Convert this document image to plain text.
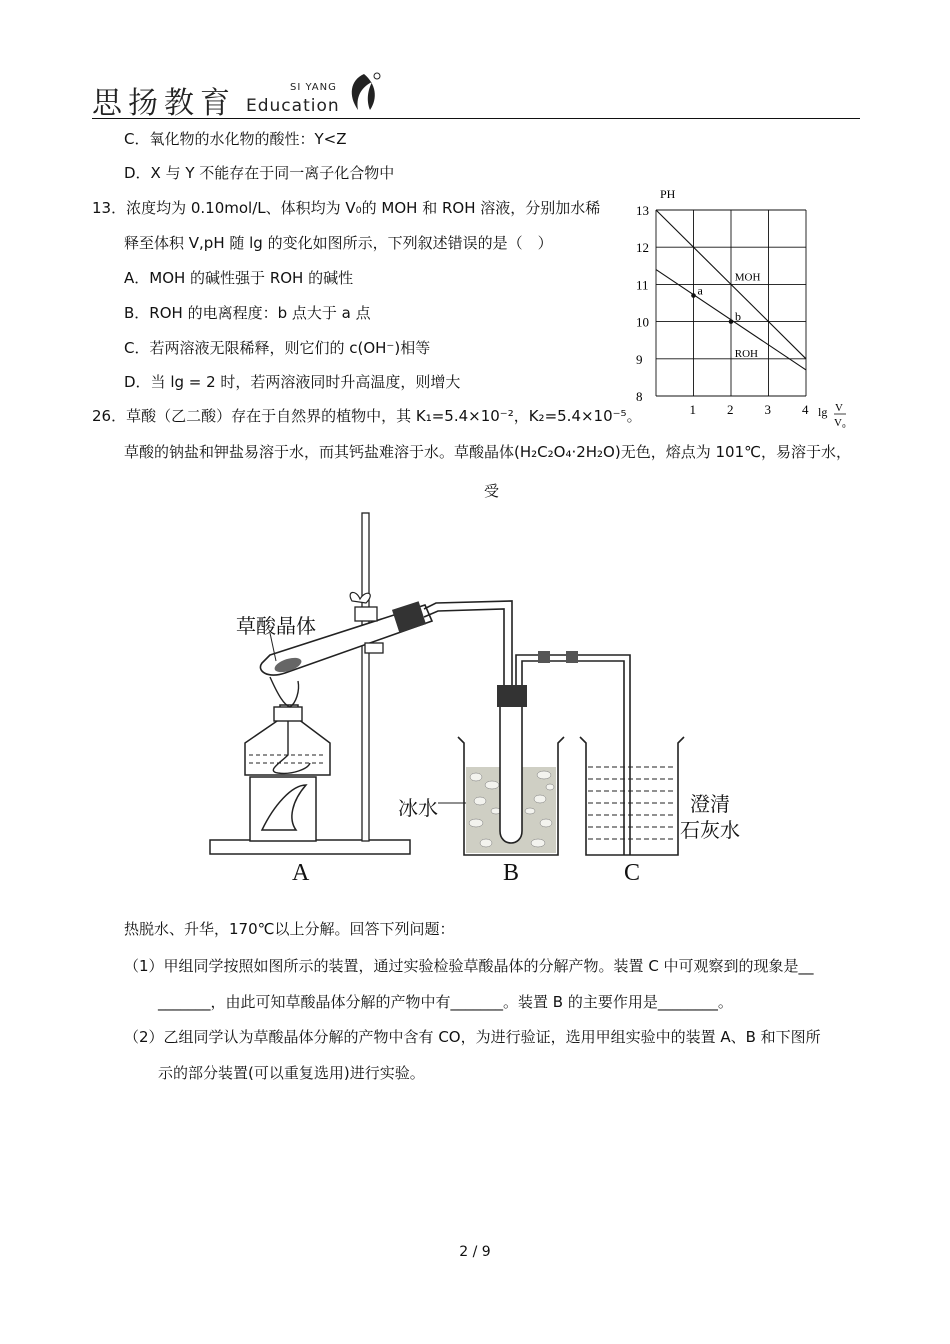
思扬教育	SI YANG
Education
C．氧化物的水化物的酸性：Y<Z
D．X 与 Y 不能存在于同一离子化合物中
13．浓度均为 0.10mol/L、体积均为 V₀的 MOH 和 ROH 溶液，分别加水稀
释至体积 V,pH 随 lg 的变化如图所示，下列叙述错误的是（　）
A．MOH 的碱性强于 ROH 的碱性
B．ROH 的电离程度：b 点大于 a 点
C．若两溶液无限稀释，则它们的 c(OH⁻)相等
D．当 lg = 2 时，若两溶液同时升高温度，则增大
26．草酸（乙二酸）存在于自然界的植物中，其 K₁=5.4×10⁻²，K₂=5.4×10⁻⁵。
草酸的钠盐和钾盐易溶于水，而其钙盐难溶于水。草酸晶体(H₂C₂O₄·2H₂O)无色，熔点为 101℃，易溶于水，
受
热脱水、升华，170℃以上分解。回答下列问题：
（1）甲组同学按照如图所示的装置，通过实验检验草酸晶体的分解产物。装置 C 中可观察到的现象是__
_______，由此可知草酸晶体分解的产物中有_______。装置 B 的主要作用是________。
（2）乙组同学认为草酸晶体分解的产物中含有 CO，为进行验证，选用甲组实验中的装置 A、B 和下图所
示的部分装置(可以重复选用)进行实验。
13
12
11
10
9
8
1 2 3 4
MOH
ROH
a
b
PH
lg V
V₀
草酸晶体
冰水	澄清
石灰水
A	B	C
2 / 9
